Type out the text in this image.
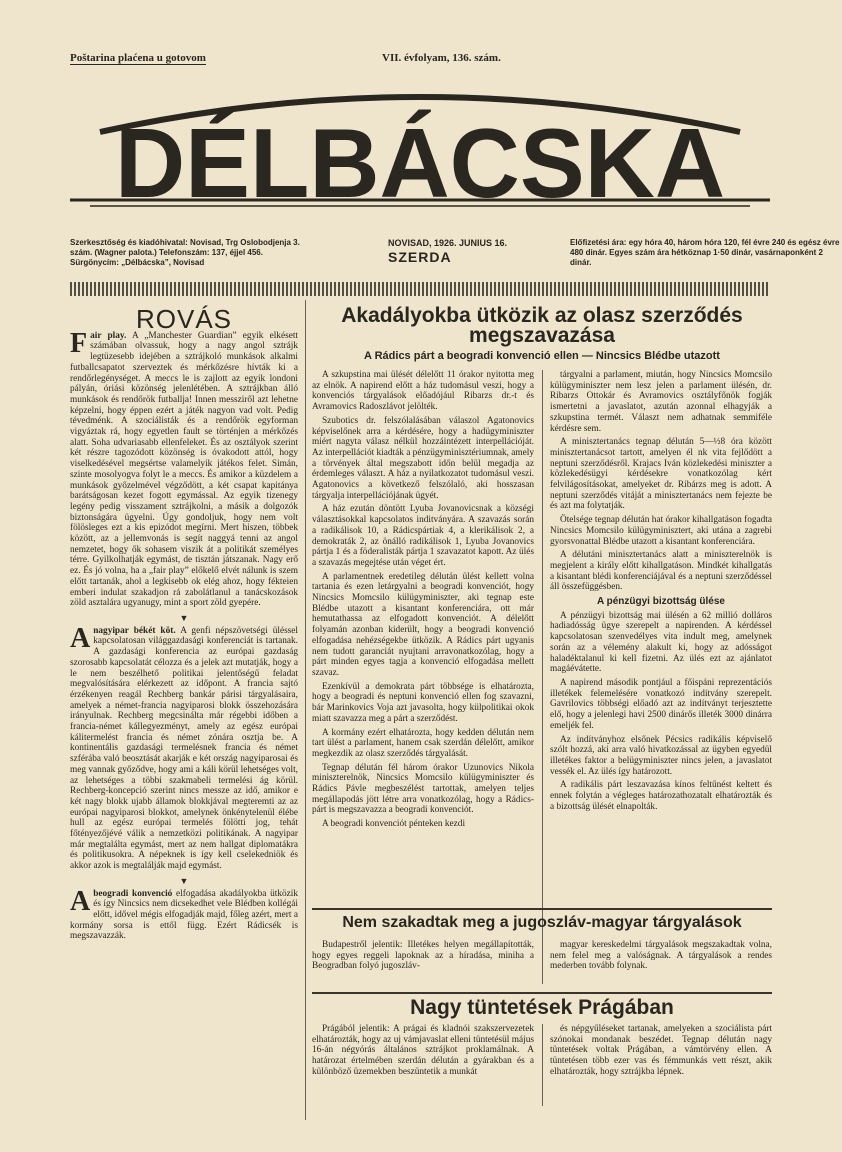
Poštarina plaćena u gotovom	VII. évfolyam, 136. szám.
DÉLBÁCSKA
Szerkesztőség és kiadóhivatal: Novisad, Trg Oslobodjenja 3. szám. (Wagner palota.) Telefonszám: 137, éjjel 456. Sürgönycím: „Délbácska”, Novisad
NOVISAD, 1926. JUNIUS 16.
SZERDA
Előfizetési ára: egy hóra 40, három hóra 120, fél évre 240 és egész évre 480 dinár. Egyes szám ára hétköznap 1·50 dinár, vasárnaponként 2 dinár.
ROVÁS

F air play. A „Manchester Guardian” egyik elkésett számában olvassuk, hogy a nagy angol sztrájk legtüzesebb idejében a sztrájkoló munkások alkalmi futballcsapatot szerveztek és mérkőzésre hívták ki a rendőrlegénységet. A meccs le is zajlott az egyik londoni pályán, óriási közönség jelenlétében. A sztrájkban álló munkások és rendőrök futballja! Innen messziről azt lehetne képzelni, hogy éppen ezért a játék nagyon vad volt. Pedig tévedménk. A szociálisták és a rendőrök egyforman vigyáztak rá, hogy egyetlen fault se történjen a mérkőzés alatt. Soha udvariasabb ellenfeleket. És az osztályok szerint két részre tagozódott közönség is óvakodott attól, hogy viselkedésével megsértse valamelyik játékos felet. Simán, szinte mosolyogva folyt le a meccs. És amikor a küzdelem a munkások győzelmével végződött, a két csapat kapitánya barátságosan kezet fogott egymással. Az egyik tizenegy legény pedig visszament sztrájkolni, a másik a dolgozók biztonságára ügyelni. Úgy gondoljuk, hogy nem volt fölösleges ezt a kis epizódot megírni. Mert hiszen, többek között, az a jellemvonás is segít naggyá tenni az angol nemzetet, hogy ők sohasem viszik át a politikát személyes térre. Gyilkolhatják egymást, de tisztán játszanak. Nagy erő ez. És jó volna, ha a „fair play” előkelő elvét nálunk is szem előtt tartanák, ahol a legkisebb ok elég ahoz, hogy fékteien emberi indulat szakadjon rá zabolátlanul a tanácskozások zöld asztalára ugyanugy, mint a sport zöld gyepére.

▼

A nagyipar békét köt. A genfi népszövetségi üléssel kapcsolatosan világgazdasági konferenciát is tartanak. A gazdasági konferencia az európai gazdaság szorosabb kapcsolatát célozza és a jelek azt mutatják, hogy a le nem beszélhető politikai jelentőségű feladat megvalósítására elérkezett az időpont. A francia sajtó érzékenyen reagál Rechberg bankár párisi tárgyalásaira, amelyek a német-francia nagyiparosi blokk összehozására irányulnak. Rechberg megcsinálta már régebbi időben a francia-német kállegyezményt, amely az egész európai kálitermelést francia és német zónára osztja be. A kontinentális gazdasági termelésnek francia és német szférába való beosztását akarják e két ország nagyiparosai és meg vannak győződve, hogy ami a káli körül lehetséges volt, az lehetséges a többi szakmabeli termelési ág körül. Rechberg-koncepció szerint nincs messze az idő, amikor e két nagy blokk ujabb államok blokkjával megteremti az az európai nagyiparosi blokkot, amelynek önkénytelenül élébe hull az egész európai termelés fölötti jog, tehát főtényezőjévé válik a nemzetközi politikának. A nagyipar már megtalálta egymást, mert az nem hallgat diplomatákra és politikusokra. A népeknek is így kell cselekedniök és akkor azok is megtalálják majd egymást.

▼

A beogradi konvenció elfogadása akadályokba ütközik és így Nincsics nem dicsekedhet vele Blédben kollégái előtt, idővel mégis elfogadják majd, főleg azért, mert a kormány sorsa is ettől függ. Ezért Rádicsék is megszavazzák.

Akadályokba ütközik az olasz szerződés megszavazása
A Rádics párt a beogradi konvenció ellen — Nincsics Blédbe utazott

A szkupstina mai ülését délelőtt 11 órakor nyitotta meg az elnök. A napirend előtt a ház tudomásul veszi, hogy a konvenciós tárgyalások előadójául Ribarzs dr.-t és Avramovics Radoszlávot jelölték.

Szubotics dr. felszólalásában válaszol Agatonovics képviselőnek arra a kérdésére, hogy a hadügyminiszter miért nagyta válasz nélkül hozzáintézett interpellációját. Az interpellációt kiadták a pénzügyminisztériumnak, amely a törvények által megszabott időn belül megadja az érdemleges választ. A ház a nyilatkozatot tudomásul veszi. Agatonovics a következő felszólaló, aki hosszasan tárgyalja interpellációjának ügyét.

A ház ezután döntött Lyuba Jovanovicsnak a községi választásokkal kapcsolatos inditványára. A szavazás során a radikálisok 10, a Rádicspártiak 4, a klerikálisok 2, a demokraták 2, az önálló radikálisok 1, Lyuba Jovanovics pártja 1 és a föderalisták pártja 1 szavazatot kapott. Az ülés a szavazás megejtése után véget ért.

A parlamentnek eredetileg délután ülést kellett volna tartania és ezen letárgyalni a beogradi konvenciót, hogy Nincsics Momcsilo külügyminiszter, aki tegnap este Blédbe utazott a kisantant konferenciára, ott már hemutathassa az elfogadott konvenciót. A délelőtt folyamán azonban kiderült, hogy a beogradi konvenció elfogadása nehézségekbe ütközik. A Rádics párt ugyanis nem tudott garanciát nyujtani arravonatkozólag, hogy a párt minden egyes tagja a konvenció elfogadása mellett szavaz.

Ezenkívül a demokrata párt többsége is elhatározta, hogy a beogradi és neptuni konvenció ellen fog szavazni, bár Marinkovics Voja azt javasolta, hogy külpolitikai okok miatt szavazza meg a párt a szerződést.

A kormány ezért elhatározta, hogy kedden délután nem tart ülést a parlament, hanem csak szerdán délelőtt, amikor megkezdik az olasz szerződés tárgyalását.

Tegnap délután fél három órakor Uzunovics Nikola miniszterelnök, Nincsics Momcsilo külügyminiszter és Rádics Pávle megbeszélést tartottak, amelyen teljes megállapodás jött létre arra vonatkozólag, hogy a Rádics-párt is megszavazza a beogradi konvenciót.

A beogradi konvenciót pénteken kezdi

tárgyalni a parlament, miután, hogy Nincsics Momcsilo külügyminiszter nem lesz jelen a parlament ülésén, dr. Ribarzs Ottokár és Avramovics osztályfőnök fogják ismertetni a javaslatot, azután azonnal elhagyják a szkupstina termét. Választ nem adhatnak semmiféle kérdésre sem.

A minisztertanács tegnap délután 5—½8 óra között minisztertanácsot tartott, amelyen él nk vita fejlődött a neptuni szerződésről. Krajacs Iván közlekedési miniszter a közlekedésügyi kérdésekre vonatkozólag kért felvilágosításokat, amelyeket dr. Ribárzs meg is adott. A neptuni szerződés vitáját a minisztertanács nem fejezte be és azt ma folytatják.

Ötelsége tegnap délután hat órakor kihallgatáson fogadta Nincsics Momcsilo külügyminisztert, aki utána a zagrebi gyorsvonattal Blédbe utazott a kisantant konferenciára.

A délutáni minisztertanács alatt a miniszterelnök is megjelent a király előtt kihallgatáson. Mindkét kihallgatás a kisantant blédi konferenciájával és a neptuni szerződéssel áll összefüggésben.

A pénzügyi bizottság ülése

A pénzügyi bizottság mai ülésén a 62 millió dolláros hadiadósság ügye szerepelt a napirenden. A kérdéssel kapcsolatosan szenvedélyes vita indult meg, amelynek során az a vélemény alakult ki, hogy az adósságot haladéktalanul ki kell fizetni. Az ülés ezt az ajánlatot magáévátette.

A napirend második pontjául a főispáni reprezentációs illetékek felemelésére vonatkozó indítvány szerepelt. Gavrilovics többségi előadó azt az indítványt terjesztette elő, hogy a jelenlegi havi 2500 dinárős illeték 3000 dinárra emeljék fel.

Az indítványhoz elsőnek Pécsics radikális képviselő szólt hozzá, aki arra való hivatkozással az ügyben egyedül illetékes faktor a belügyminiszter nincs jelen, a javaslatot vessék el. Az ülés így határozott.

A radikális párt leszavazása kínos feltűnést keltett és ennek folytán a végleges határozathozatalt elhatározták és a bizottság ülését elnapolták.

Nem szakadtak meg a jugoszláv-magyar tárgyalások

Budapestről jelentik: Illetékes helyen megállapították, hogy egyes reggeli lapoknak az a híradása, miniha a Beogradban folyó jugoszláv-

magyar kereskedelmi tárgyalások megszakadtak volna, nem felel meg a valóságnak. A tárgyalások a rendes mederben tovább folynak.

Nagy tüntetések Prágában

Prágából jelentik: A prágai és kladnói szakszervezetek elhatározták, hogy az uj vámjavaslat elleni tüntetésül május 16-án négyórás általános sztrájkot proklamálnak. A határozat értelmében szerdán délután a gyárakban és a különböző üzemekben beszüntetik a munkát

és népgyűléseket tartanak, amelyeken a szociálista párt szónokai mondanak beszédet. Tegnap délután nagy tüntetések voltak Prágában, a vámtörvény ellen. A tüntetésen több ezer vas és fémmunkás vett részt, akik elhatározták, hogy sztrájkba lépnek.
